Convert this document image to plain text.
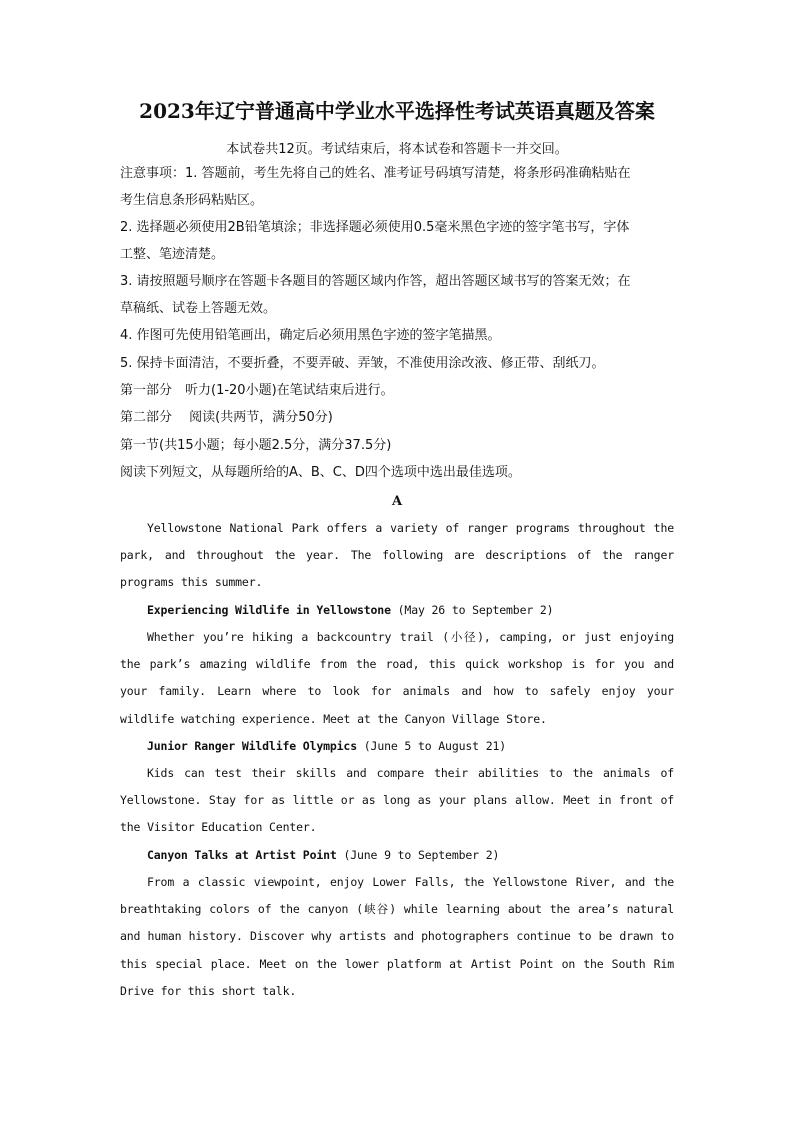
2023年辽宁普通高中学业水平选择性考试英语真题及答案
本试卷共12页。考试结束后，将本试卷和答题卡一并交回。
注意事项：1. 答题前，考生先将自己的姓名、准考证号码填写清楚，将条形码准确粘贴在
考生信息条形码粘贴区。
2. 选择题必须使用2B铅笔填涂；非选择题必须使用0.5毫米黑色字迹的签字笔书写，字体
工整、笔迹清楚。
3. 请按照题号顺序在答题卡各题目的答题区域内作答，超出答题区域书写的答案无效；在
草稿纸、试卷上答题无效。
4. 作图可先使用铅笔画出，确定后必须用黑色字迹的签字笔描黑。
5. 保持卡面清洁，不要折叠，不要弄破、弄皱，不准使用涂改液、修正带、刮纸刀。
第一部分　听力(1-20小题)在笔试结束后进行。
第二部分　 阅读(共两节，满分50分)
第一节(共15小题；每小题2.5分，满分37.5分)
阅读下列短文，从每题所给的A、B、C、D四个选项中选出最佳选项。
A
Yellowstone National Park offers a variety of ranger programs throughout the park, and throughout the year. The following are descriptions of the ranger programs this summer.
Experiencing Wildlife in Yellowstone (May 26 to September 2)
Whether you’re hiking a backcountry trail (小径), camping, or just enjoying the park’s amazing wildlife from the road, this quick workshop is for you and your family. Learn where to look for animals and how to safely enjoy your wildlife watching experience. Meet at the Canyon Village Store.
Junior Ranger Wildlife Olympics (June 5 to August 21)
Kids can test their skills and compare their abilities to the animals of Yellowstone. Stay for as little or as long as your plans allow. Meet in front of the Visitor Education Center.
Canyon Talks at Artist Point (June 9 to September 2)
From a classic viewpoint, enjoy Lower Falls, the Yellowstone River, and the breathtaking colors of the canyon (峡谷) while learning about the area’s natural and human history. Discover why artists and photographers continue to be drawn to this special place. Meet on the lower platform at Artist Point on the South Rim Drive for this short talk.
